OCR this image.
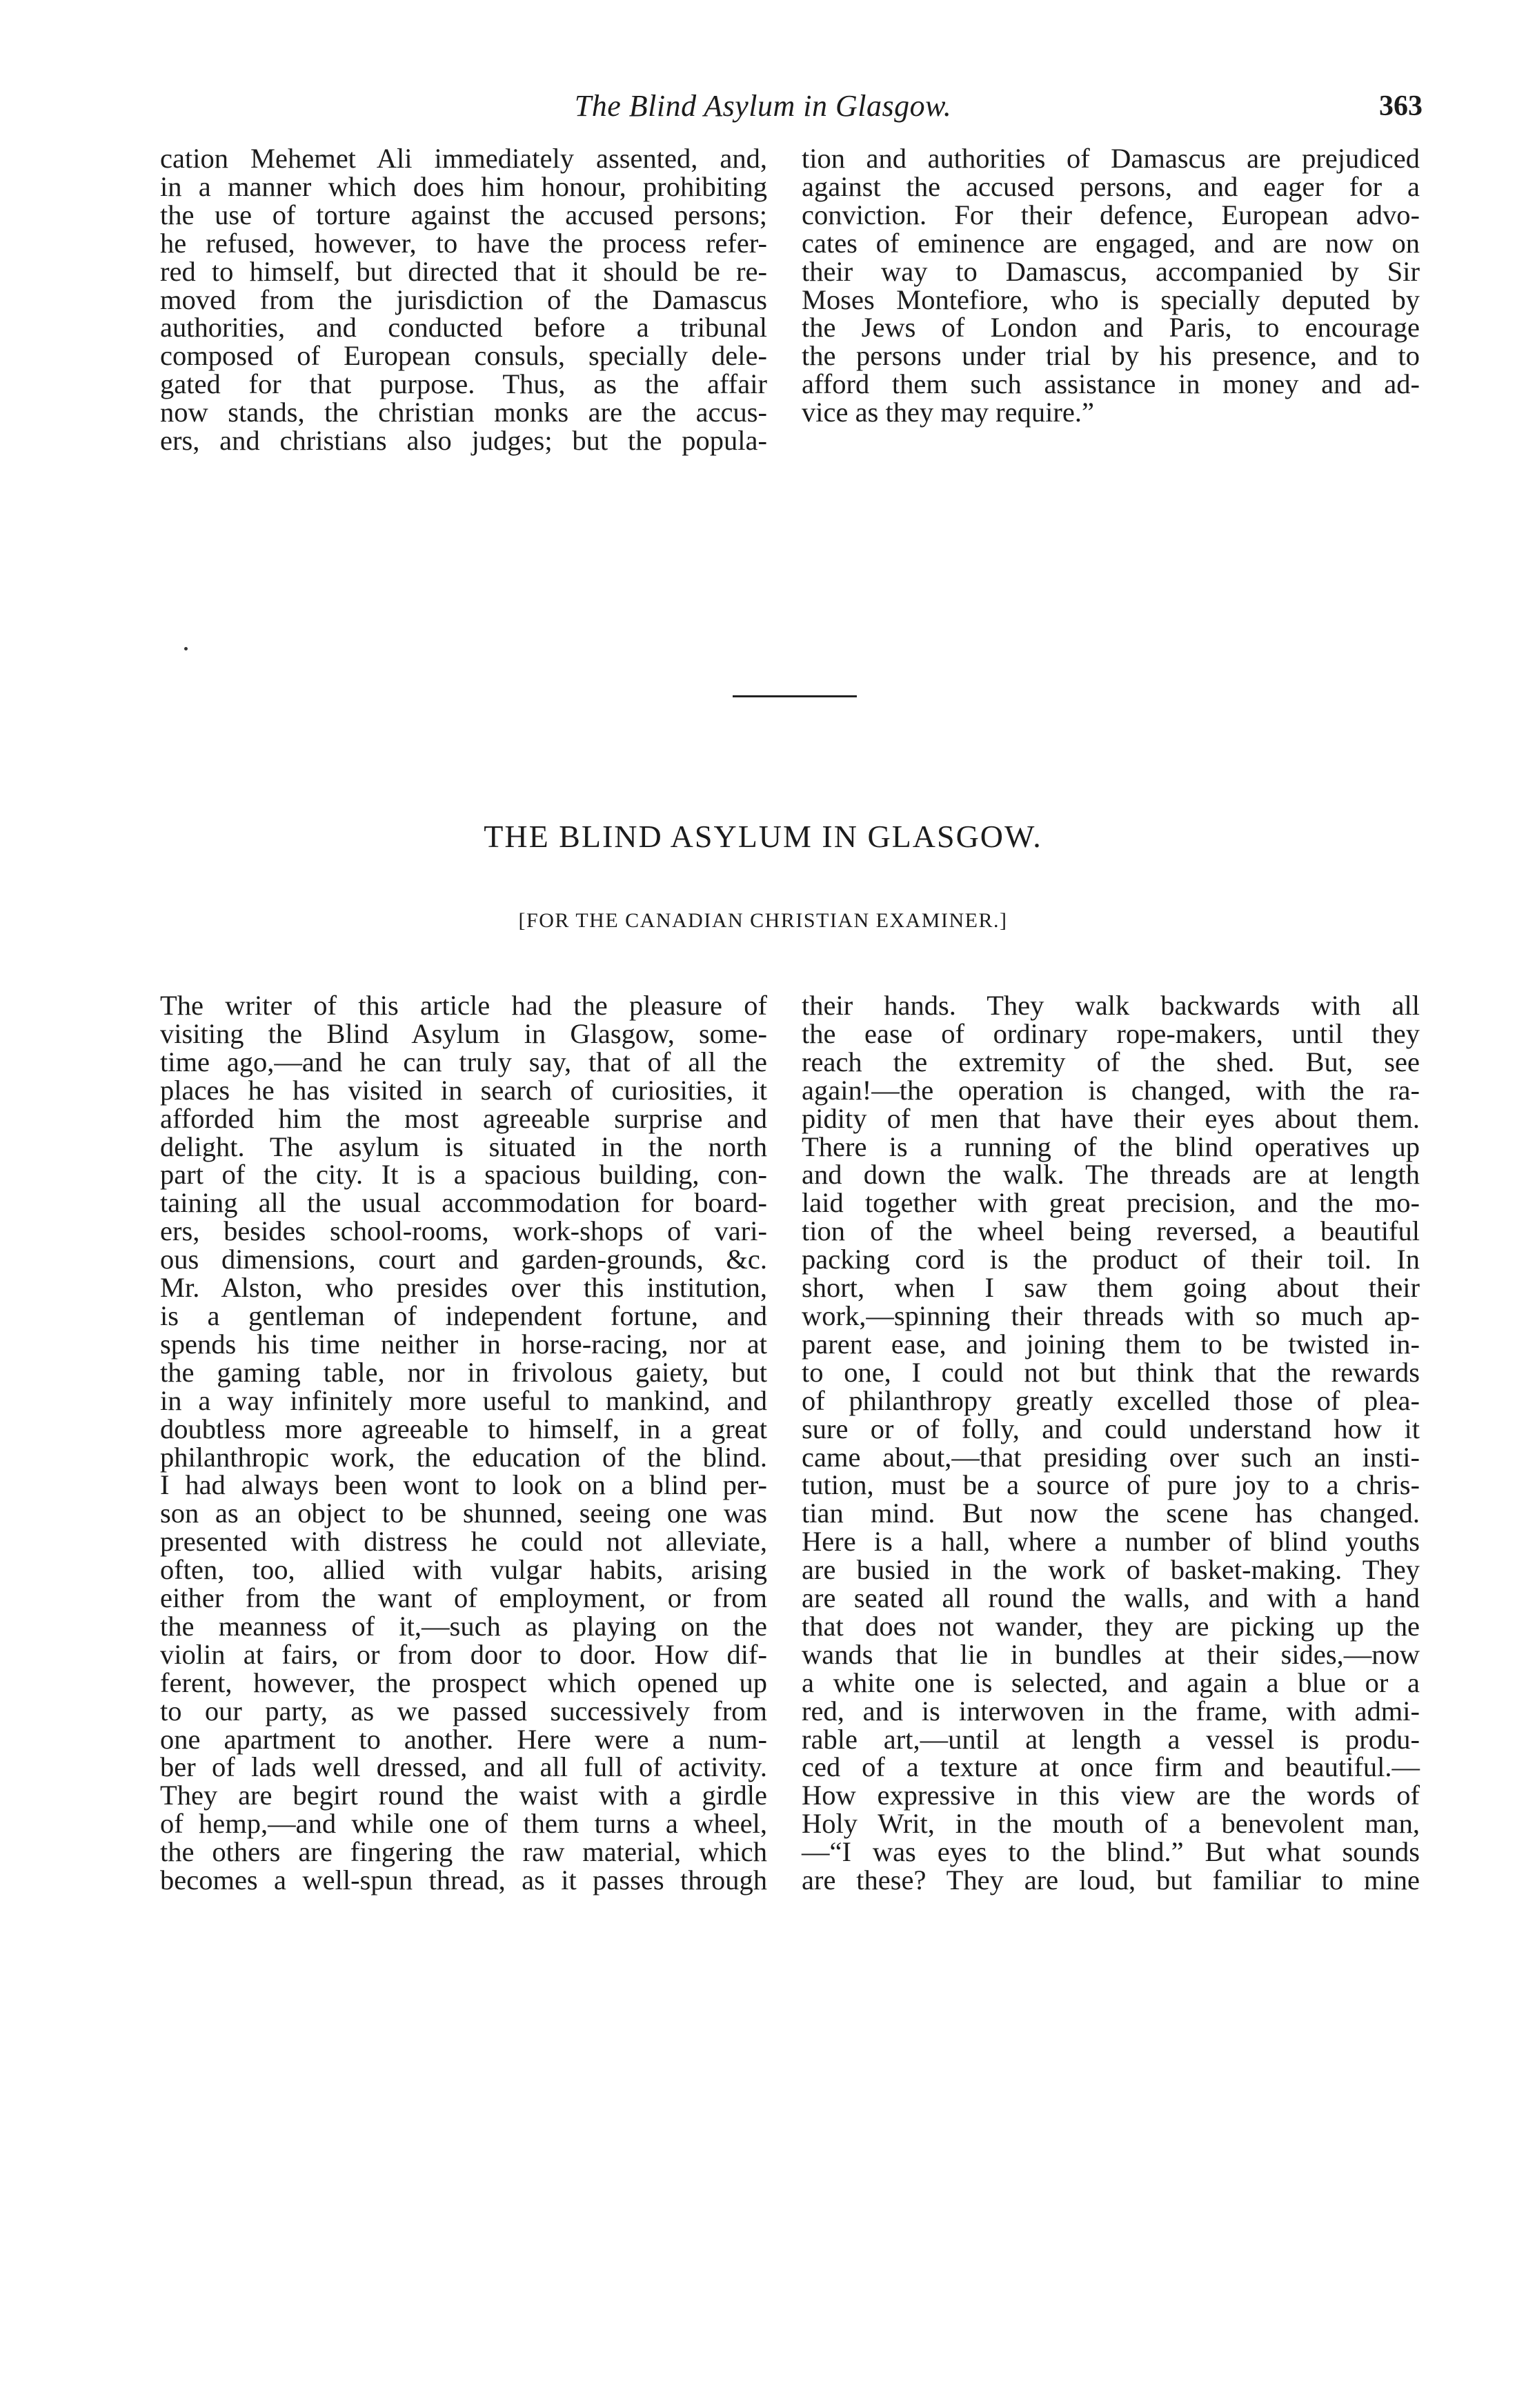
The Blind Asylum in Glasgow.	363
cation Mehemet Ali immediately assented, and,
in a manner which does him honour, prohibiting
the use of torture against the accused persons;
he refused, however, to have the process refer-
red to himself, but directed that it should be re-
moved from the jurisdiction of the Damascus
authorities, and conducted before a tribunal
composed of European consuls, specially dele-
gated for that purpose. Thus, as the affair
now stands, the christian monks are the accus-
ers, and christians also judges; but the popula-
tion and authorities of Damascus are prejudiced
against the accused persons, and eager for a
conviction. For their defence, European advo-
cates of eminence are engaged, and are now on
their way to Damascus, accompanied by Sir
Moses Montefiore, who is specially deputed by
the Jews of London and Paris, to encourage
the persons under trial by his presence, and to
afford them such assistance in money and ad-
vice as they may require.”
THE BLIND ASYLUM IN GLASGOW.
[FOR THE CANADIAN CHRISTIAN EXAMINER.]
The writer of this article had the pleasure of
visiting the Blind Asylum in Glasgow, some-
time ago,—and he can truly say, that of all the
places he has visited in search of curiosities, it
afforded him the most agreeable surprise and
delight. The asylum is situated in the north
part of the city. It is a spacious building, con-
taining all the usual accommodation for board-
ers, besides school-rooms, work-shops of vari-
ous dimensions, court and garden-grounds, &c.
Mr. Alston, who presides over this institution,
is a gentleman of independent fortune, and
spends his time neither in horse-racing, nor at
the gaming table, nor in frivolous gaiety, but
in a way infinitely more useful to mankind, and
doubtless more agreeable to himself, in a great
philanthropic work, the education of the blind.
I had always been wont to look on a blind per-
son as an object to be shunned, seeing one was
presented with distress he could not alleviate,
often, too, allied with vulgar habits, arising
either from the want of employment, or from
the meanness of it,—such as playing on the
violin at fairs, or from door to door. How dif-
ferent, however, the prospect which opened up
to our party, as we passed successively from
one apartment to another. Here were a num-
ber of lads well dressed, and all full of activity.
They are begirt round the waist with a girdle
of hemp,—and while one of them turns a wheel,
the others are fingering the raw material, which
becomes a well-spun thread, as it passes through
their hands. They walk backwards with all
the ease of ordinary rope-makers, until they
reach the extremity of the shed. But, see
again!—the operation is changed, with the ra-
pidity of men that have their eyes about them.
There is a running of the blind operatives up
and down the walk. The threads are at length
laid together with great precision, and the mo-
tion of the wheel being reversed, a beautiful
packing cord is the product of their toil. In
short, when I saw them going about their
work,—spinning their threads with so much ap-
parent ease, and joining them to be twisted in-
to one, I could not but think that the rewards
of philanthropy greatly excelled those of plea-
sure or of folly, and could understand how it
came about,—that presiding over such an insti-
tution, must be a source of pure joy to a chris-
tian mind. But now the scene has changed.
Here is a hall, where a number of blind youths
are busied in the work of basket-making. They
are seated all round the walls, and with a hand
that does not wander, they are picking up the
wands that lie in bundles at their sides,—now
a white one is selected, and again a blue or a
red, and is interwoven in the frame, with admi-
rable art,—until at length a vessel is produ-
ced of a texture at once firm and beautiful.—
How expressive in this view are the words of
Holy Writ, in the mouth of a benevolent man,
—“I was eyes to the blind.” But what sounds
are these? They are loud, but familiar to mine
